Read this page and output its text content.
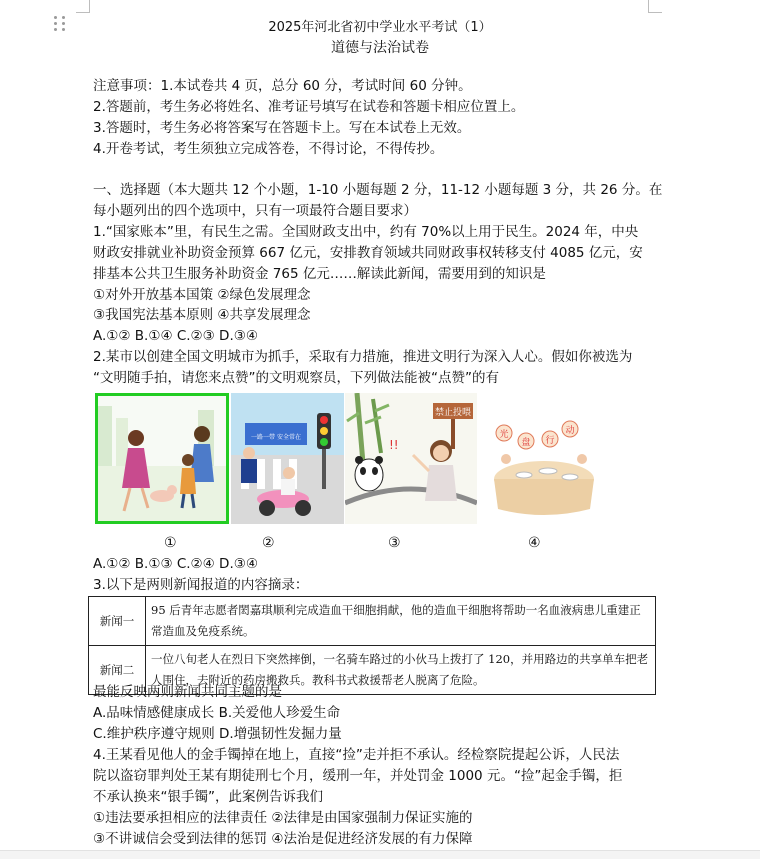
2025年河北省初中学业水平考试（1）
道德与法治试卷
注意事项：1.本试卷共 4 页，总分 60 分，考试时间 60 分钟。
2.答题前，考生务必将姓名、准考证号填写在试卷和答题卡相应位置上。
3.答题时，考生务必将答案写在答题卡上。写在本试卷上无效。
4.开卷考试，考生须独立完成答卷，不得讨论，不得传抄。
一、选择题（本大题共 12 个小题，1-10 小题每题 2 分，11-12 小题每题 3 分，共 26 分。在
每小题列出的四个选项中，只有一项最符合题目要求）
1.“国家账本”里，有民生之需。全国财政支出中，约有 70%以上用于民生。2024 年，中央
财政安排就业补助资金预算 667 亿元，安排教育领域共同财政事权转移支付 4085 亿元，安
排基本公共卫生服务补助资金 765 亿元……解读此新闻，需要用到的知识是
①对外开放基本国策 ②绿色发展理念
③我国宪法基本原则 ④共享发展理念
A.①② B.①④ C.②③ D.③④
2.某市以创建全国文明城市为抓手，采取有力措施，推进文明行为深入人心。假如你被选为
“文明随手拍，请您来点赞”的文明观察员，下列做法能被“点赞”的有
一路一带 安全常在
禁止投喂
!!
光
盘 行
动
①	②	③	④
A.①② B.①③ C.②④ D.③④
3.以下是两则新闻报道的内容摘录：
新闻一	95 后青年志愿者閎嘉琪顺利完成造血干细胞捐献，他的造血干细胞将帮助一名血液病患儿重建正常造血及免疫系统。
新闻二	一位八旬老人在烈日下突然摔倒，一名骑车路过的小伙马上拨打了 120，并用路边的共享单车把老人围住，去附近的药房搬救兵。教科书式救援帮老人脱离了危险。
最能反映两则新闻共同主题的是
A.品味情感健康成长 B.关爱他人珍爱生命
C.维护秩序遵守规则 D.增强韧性发掘力量
4.王某看见他人的金手镯掉在地上，直接“捡”走并拒不承认。经检察院提起公诉，人民法
院以盗窃罪判处王某有期徒刑七个月，缓刑一年，并处罚金 1000 元。“捡”起金手镯，拒
不承认换来“银手镯”，此案例告诉我们
①违法要承担相应的法律责任 ②法律是由国家强制力保证实施的
③不讲诚信会受到法律的惩罚 ④法治是促进经济发展的有力保障
